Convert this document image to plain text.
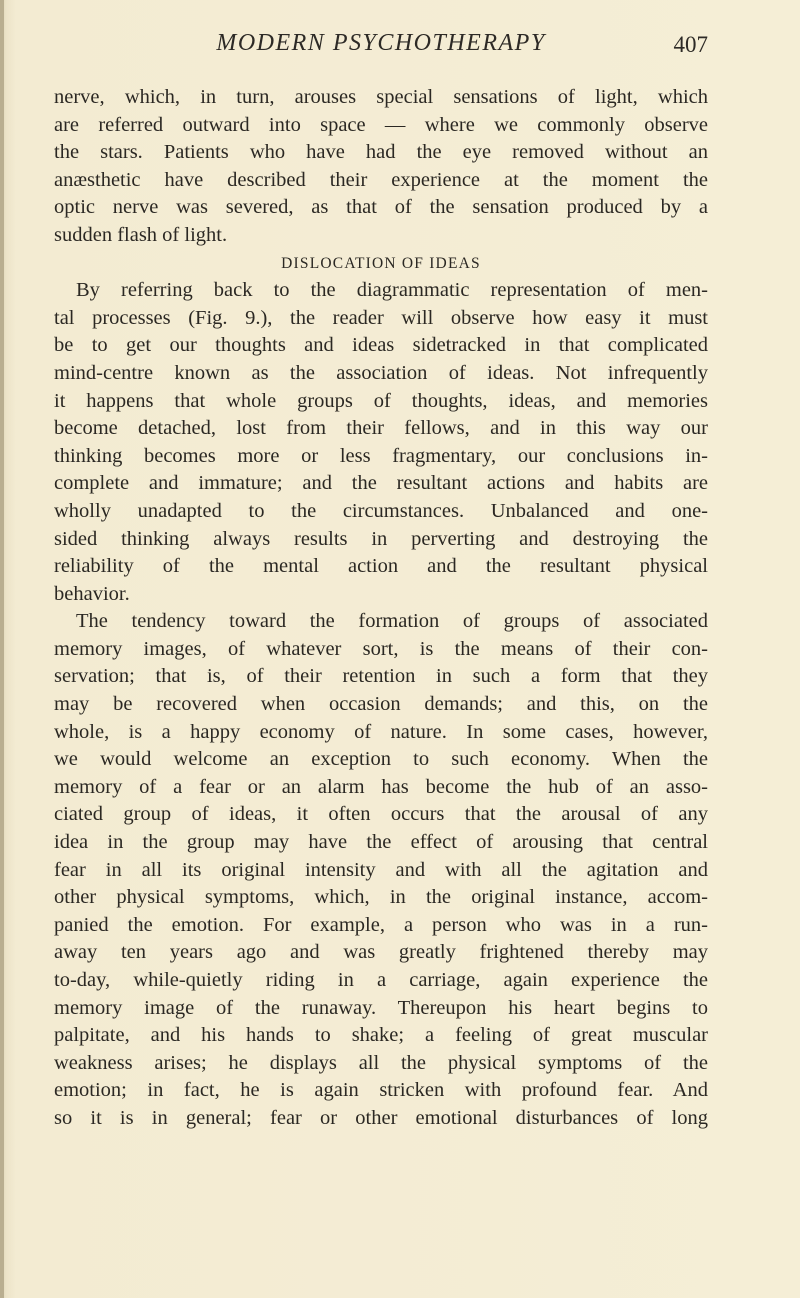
MODERN PSYCHOTHERAPY	407
nerve, which, in turn, arouses special sensations of light, which
are referred outward into space — where we commonly observe
the stars. Patients who have had the eye removed without an
anæsthetic have described their experience at the moment the
optic nerve was severed, as that of the sensation produced by a
sudden flash of light.
DISLOCATION OF IDEAS
By referring back to the diagrammatic representation of men-
tal processes (Fig. 9.), the reader will observe how easy it must
be to get our thoughts and ideas sidetracked in that complicated
mind-centre known as the association of ideas. Not infrequently
it happens that whole groups of thoughts, ideas, and memories
become detached, lost from their fellows, and in this way our
thinking becomes more or less fragmentary, our conclusions in-
complete and immature; and the resultant actions and habits are
wholly unadapted to the circumstances. Unbalanced and one-
sided thinking always results in perverting and destroying the
reliability of the mental action and the resultant physical
behavior.
The tendency toward the formation of groups of associated
memory images, of whatever sort, is the means of their con-
servation; that is, of their retention in such a form that they
may be recovered when occasion demands; and this, on the
whole, is a happy economy of nature. In some cases, however,
we would welcome an exception to such economy. When the
memory of a fear or an alarm has become the hub of an asso-
ciated group of ideas, it often occurs that the arousal of any
idea in the group may have the effect of arousing that central
fear in all its original intensity and with all the agitation and
other physical symptoms, which, in the original instance, accom-
panied the emotion. For example, a person who was in a run-
away ten years ago and was greatly frightened thereby may
to-day, while-quietly riding in a carriage, again experience the
memory image of the runaway. Thereupon his heart begins to
palpitate, and his hands to shake; a feeling of great muscular
weakness arises; he displays all the physical symptoms of the
emotion; in fact, he is again stricken with profound fear. And
so it is in general; fear or other emotional disturbances of long
